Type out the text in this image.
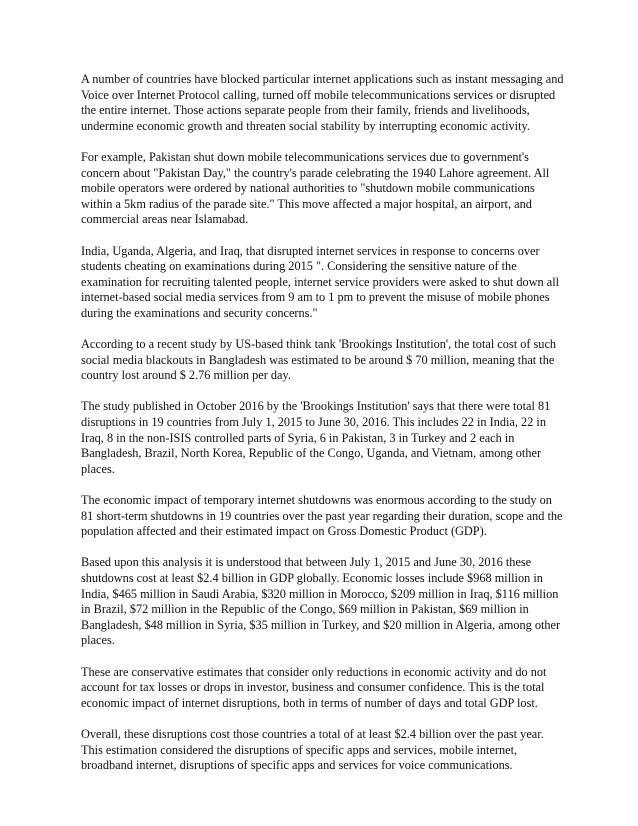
A number of countries have blocked particular internet applications such as instant messaging and Voice over Internet Protocol calling, turned off mobile telecommunications services or disrupted the entire internet. Those actions separate people from their family, friends and livelihoods, undermine economic growth and threaten social stability by interrupting economic activity.

For example, Pakistan shut down mobile telecommunications services due to government's concern about "Pakistan Day," the country's parade celebrating the 1940 Lahore agreement. All mobile operators were ordered by national authorities to "shutdown mobile communications within a 5km radius of the parade site." This move affected a major hospital, an airport, and commercial areas near Islamabad.

India, Uganda, Algeria, and Iraq, that disrupted internet services in response to concerns over students cheating on examinations during 2015 ". Considering the sensitive nature of the examination for recruiting talented people, internet service providers were asked to shut down all internet-based social media services from 9 am to 1 pm to prevent the misuse of mobile phones during the examinations and security concerns."

According to a recent study by US-based think tank 'Brookings Institution', the total cost of such social media blackouts in Bangladesh was estimated to be around $ 70 million, meaning that the country lost around $ 2.76 million per day.

The study published in October 2016 by the 'Brookings Institution' says that there were total 81 disruptions in 19 countries from July 1, 2015 to June 30, 2016. This includes 22 in India, 22 in Iraq, 8 in the non-ISIS controlled parts of Syria, 6 in Pakistan, 3 in Turkey and 2 each in Bangladesh, Brazil, North Korea, Republic of the Congo, Uganda, and Vietnam, among other places.

The economic impact of temporary internet shutdowns was enormous according to the study on 81 short-term shutdowns in 19 countries over the past year regarding their duration, scope and the population affected and their estimated impact on Gross Domestic Product (GDP).

Based upon this analysis it is understood that between July 1, 2015 and June 30, 2016 these shutdowns cost at least $2.4 billion in GDP globally. Economic losses include $968 million in India, $465 million in Saudi Arabia, $320 million in Morocco, $209 million in Iraq, $116 million in Brazil, $72 million in the Republic of the Congo, $69 million in Pakistan, $69 million in Bangladesh, $48 million in Syria, $35 million in Turkey, and $20 million in Algeria, among other places.

These are conservative estimates that consider only reductions in economic activity and do not account for tax losses or drops in investor, business and consumer confidence. This is the total economic impact of internet disruptions, both in terms of number of days and total GDP lost.

Overall, these disruptions cost those countries a total of at least $2.4 billion over the past year. This estimation considered the disruptions of specific apps and services, mobile internet, broadband internet, disruptions of specific apps and services for voice communications.
